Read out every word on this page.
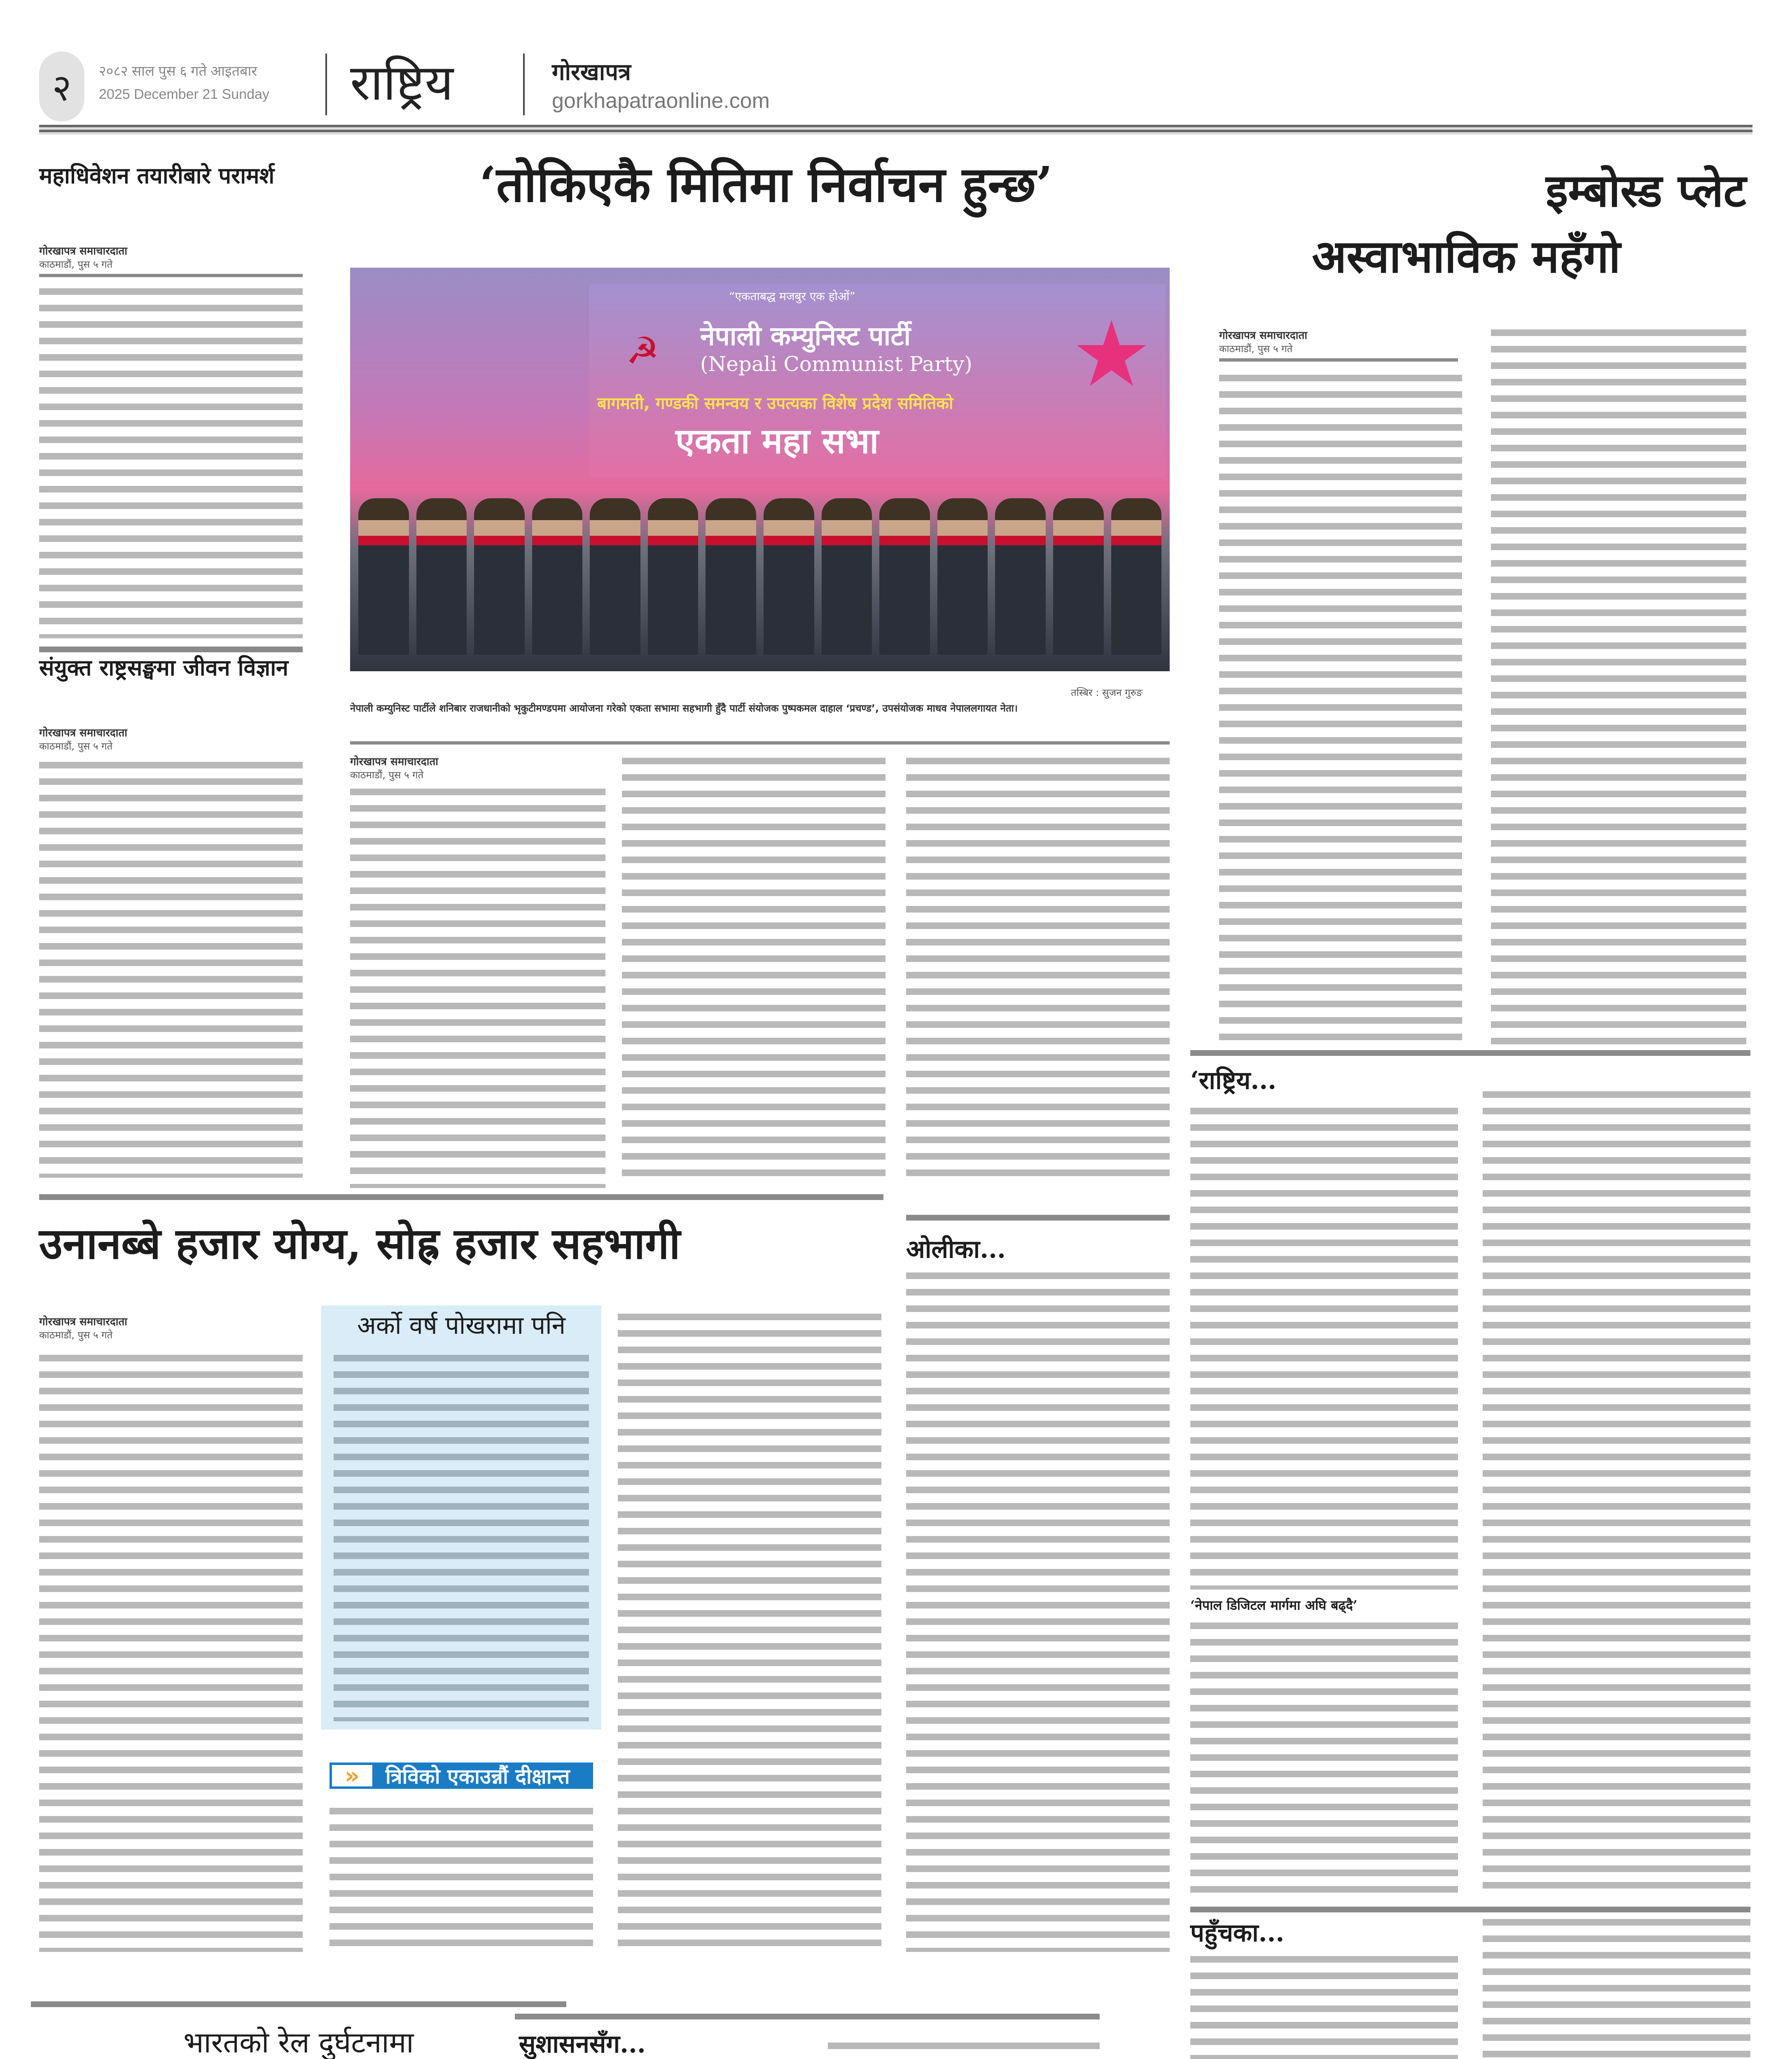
२	२०८२ साल पुस ६ गते आइतबार
2025 December 21 Sunday राष्ट्रिय	गोरखापत्र
gorkhapatraonline.com
महाधिवेशन तयारीबारे परामर्श
गोरखापत्र समाचारदाता
काठमाडौं, पुस ५ गते
संयुक्त राष्ट्रसङ्घमा जीवन विज्ञान
गोरखापत्र समाचारदाता
काठमाडौं, पुस ५ गते
‘तोकिएकै मितिमा निर्वाचन हुन्छ’
“एकताबद्ध मजबुर एक होओं”
☭ नेपाली कम्युनिस्ट पार्टी
(Nepali Communist Party) ★
बागमती, गण्डकी समन्वय र उपत्यका विशेष प्रदेश समितिको
एकता महा सभा
तस्बिर : सुजन गुरुङ
नेपाली कम्युनिस्ट पार्टीले शनिबार राजधानीको भृकुटीमण्डपमा आयोजना गरेको एकता सभामा सहभागी हुँदै पार्टी संयोजक पुष्पकमल दाहाल ‘प्रचण्ड’, उपसंयोजक माधव नेपाललगायत नेता।
गोरखापत्र समाचारदाता
काठमाडौं, पुस ५ गते
इम्बोस्ड प्लेट
अस्वाभाविक महँगो
गोरखापत्र समाचारदाता
काठमाडौं, पुस ५ गते
‘राष्ट्रिय...
‘नेपाल डिजिटल मार्गमा अघि बढ्दै’
पहुँचका...
उनानब्बे हजार योग्य, सोह्र हजार सहभागी
गोरखापत्र समाचारदाता
काठमाडौं, पुस ५ गते	अर्को वर्ष पोखरामा पनि
»	त्रिविको एकाउन्नौं दीक्षान्त
ओलीका...
भारतको रेल दुर्घटनामा	सुशासनसँग...
